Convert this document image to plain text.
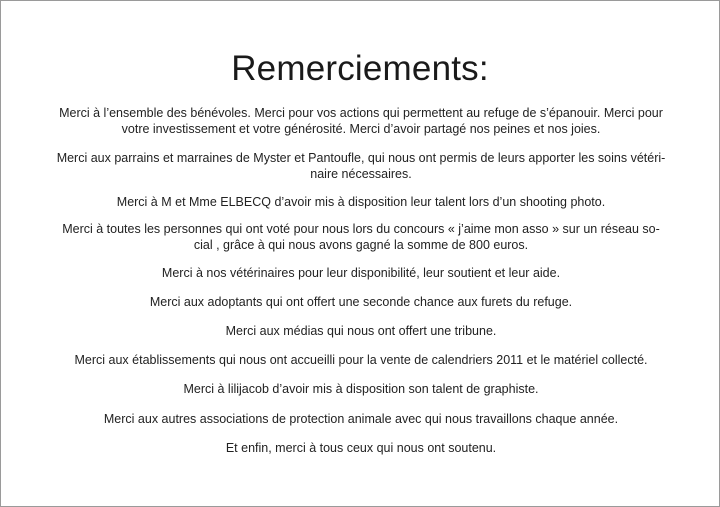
Remerciements:

Merci à l’ensemble des bénévoles. Merci pour vos actions qui permettent au refuge de s’épanouir. Merci pour
votre investissement et votre générosité. Merci d’avoir partagé nos peines et nos joies.

Merci aux parrains et marraines de Myster et Pantoufle, qui nous ont permis de leurs apporter les soins vétéri-
naire nécessaires.

Merci à M et Mme ELBECQ d’avoir mis à disposition leur talent lors d’un shooting photo.

Merci à toutes les personnes qui ont voté pour nous lors du concours « j’aime mon asso » sur un réseau so-
cial , grâce à qui nous avons gagné la somme de 800 euros.

Merci à nos vétérinaires pour leur disponibilité, leur soutient et leur aide.

Merci aux adoptants qui ont offert une seconde chance aux furets du refuge.

Merci aux médias qui nous ont offert une tribune.

Merci aux établissements qui nous ont accueilli pour la vente de calendriers 2011 et le matériel collecté.

Merci à lilijacob d’avoir mis à disposition son talent de graphiste.

Merci aux autres associations de protection animale avec qui nous travaillons chaque année.

Et enfin, merci à tous ceux qui nous ont soutenu.
